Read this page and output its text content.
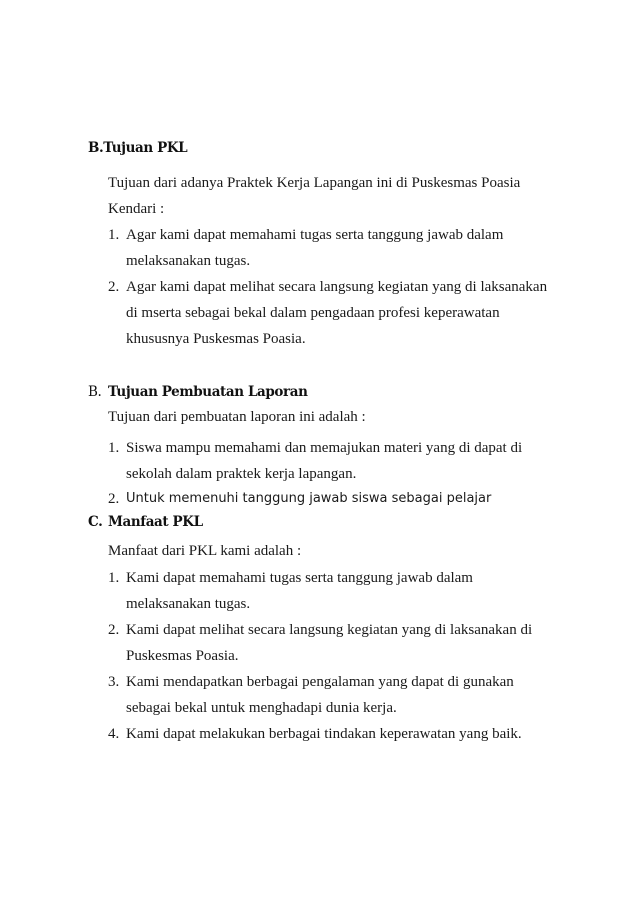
B.Tujuan PKL
Tujuan dari adanya Praktek Kerja Lapangan ini di Puskesmas Poasia
Kendari :
1. Agar kami dapat memahami tugas serta tanggung jawab dalam
melaksanakan tugas.
2. Agar kami dapat melihat secara langsung kegiatan yang di laksanakan
di mserta sebagai bekal dalam pengadaan profesi keperawatan
khususnya Puskesmas Poasia.
B. Tujuan Pembuatan Laporan
Tujuan dari pembuatan laporan ini adalah :
1. Siswa mampu memahami dan memajukan materi yang di dapat di
sekolah dalam praktek kerja lapangan.
2. Untuk memenuhi tanggung jawab siswa sebagai pelajar
C. Manfaat PKL
Manfaat dari PKL kami adalah :
1. Kami dapat memahami tugas serta tanggung jawab dalam
melaksanakan tugas.
2. Kami dapat melihat secara langsung kegiatan yang di laksanakan di
Puskesmas Poasia.
3. Kami mendapatkan berbagai pengalaman yang dapat di gunakan
sebagai bekal untuk menghadapi dunia kerja.
4. Kami dapat melakukan berbagai tindakan keperawatan yang baik.
